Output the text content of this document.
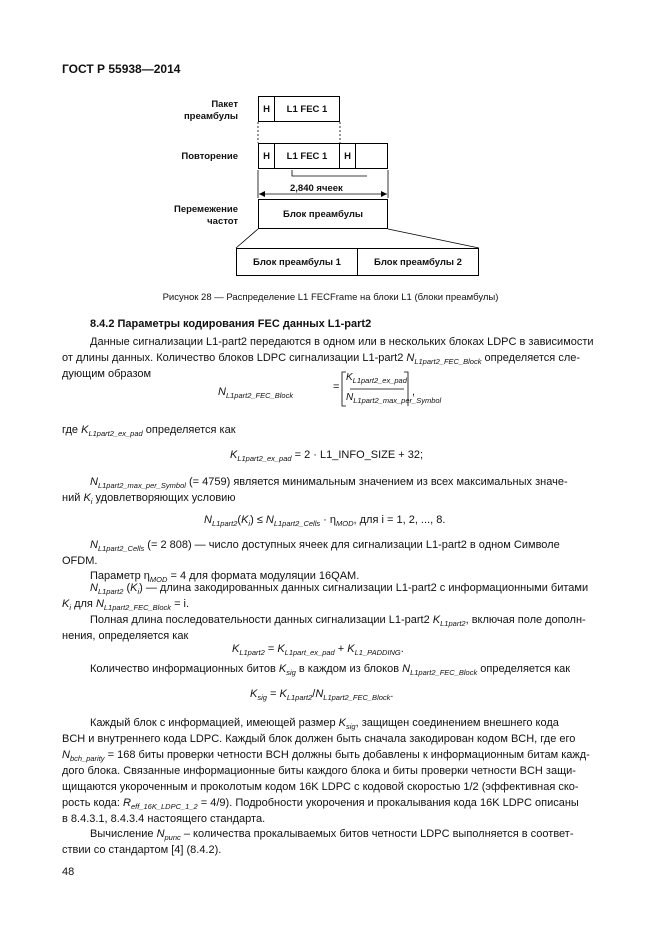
ГОСТ Р 55938—2014
Пакет
преамбулы
Повторение
Перемежение
частот
H	L1 FEC 1
H	L1 FEC 1	H
2,840 ячеек
Блок преамбулы
Блок преамбулы 1	Блок преамбулы 2
Рисунок 28 — Распределение L1 FECFrame на блоки L1 (блоки преамбулы)
8.4.2 Параметры кодирования FEC данных L1-part2
Данные сигнализации L1-part2 передаются в одном или в нескольких блоках LDPC в зависимости
от длины данных. Количество блоков LDPC сигнализации L1-part2 $N_{L1part2\_FEC\_Block}$ определяется сле-
дующим образом
$N_{L1part2\_FEC\_Block}$
=
$K_{L1part2\_ex\_pad}$
$N_{L1part2\_max\_per\_Symbol}$
,
где $K_{L1part2\_ex\_pad}$ определяется как
$K_{L1part2\_ex\_pad} = 2$ · L1_INFO_SIZE + 32;
$N_{L1part2\_max\_per\_Symbol}$ (= 4759) является минимальным значением из всех максимальных значе-
ний $K_i$ удовлетворяющих условию
$N_{L1part2}(K_i) \le N_{L1part2\_Cells} \cdot \eta_{MOD}$, для i = 1, 2, ..., 8.
$N_{L1part2\_Cells}$ (= 2 808) — число доступных ячеек для сигнализации L1-part2 в одном Символе
OFDM.
Параметр $\eta_{MOD} = 4$ для формата модуляции 16QAM.
$N_{L1part2}$ $(K_i)$ — длина закодированных данных сигнализации L1-part2 с информационными битами
$K_i$ для $N_{L1part2\_FEC\_Block} = i$.
Полная длина последовательности данных сигнализации L1-part2 $K_{L1part2}$, включая поле дополн-
нения, определяется как
$K_{L1part2} = K_{L1part\_ex\_pad} + K_{L1\_PADDING}$.
Количество информационных битов $K_{sig}$ в каждом из блоков $N_{L1part2\_FEC\_Block}$ определяется как
$K_{sig} = K_{L1part2}/N_{L1part2\_FEC\_Block}$.
Каждый блок с информацией, имеющей размер $K_{sig}$, защищен соединением внешнего кода
BCH и внутреннего кода LDPC. Каждый блок должен быть сначала закодирован кодом BCH, где его
$N_{bch\_parity} = 168$ биты проверки четности BCH должны быть добавлены к информационным битам кажд-
дого блока. Связанные информационные биты каждого блока и биты проверки четности BCH защи-
щищаются укороченным и проколотым кодом 16K LDPC с кодовой скоростью 1/2 (эффективная ско-
рость кода: $R_{eff\_16K\_LDPC\_1\_2} = 4/9$). Подробности укорочения и прокалывания кода 16K LDPC описаны
в 8.4.3.1, 8.4.3.4 настоящего стандарта.
Вычисление $N_{punc}$ – количества прокалываемых битов четности LDPC выполняется в соответ-
ствии со стандартом [4] (8.4.2).
48
